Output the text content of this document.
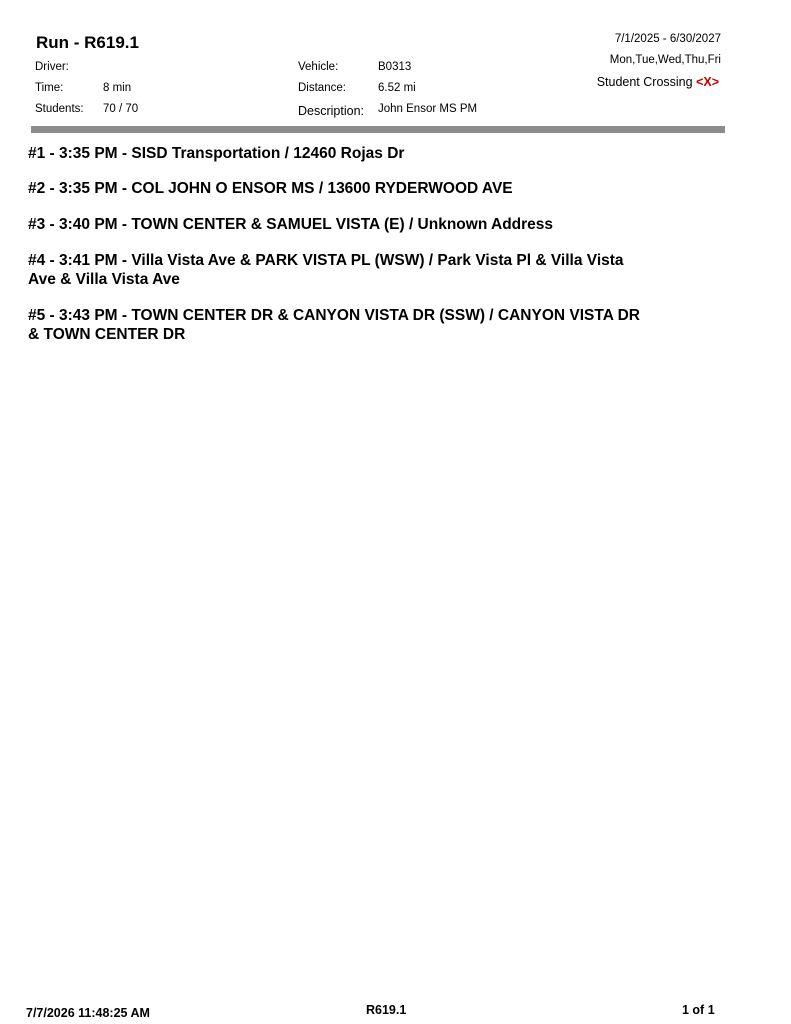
Run - R619.1
Driver:
Time:	8 min
Students: 70 / 70
Vehicle:	B0313
Distance:	6.52 mi
Description: John Ensor MS PM
7/1/2025 - 6/30/2027
Mon,Tue,Wed,Thu,Fri
Student Crossing <X>
#1 - 3:35 PM - SISD Transportation / 12460 Rojas Dr
#2 - 3:35 PM - COL JOHN O ENSOR MS / 13600 RYDERWOOD AVE
#3 - 3:40 PM - TOWN CENTER & SAMUEL VISTA (E) / Unknown Address
#4 - 3:41 PM - Villa Vista Ave & PARK VISTA PL (WSW) / Park Vista Pl & Villa Vista Ave & Villa Vista Ave
#5 - 3:43 PM - TOWN CENTER DR & CANYON VISTA DR (SSW) / CANYON VISTA DR & TOWN CENTER DR
7/7/2026 11:48:25 AM	R619.1	1 of 1
